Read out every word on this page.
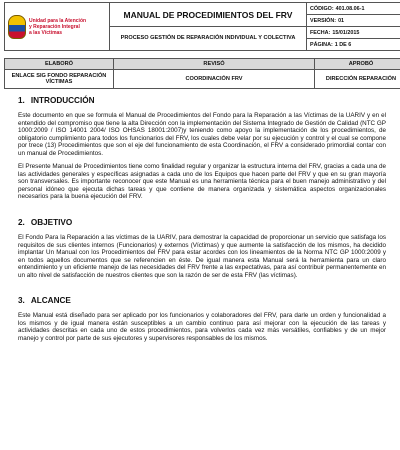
Unidad para la Atención
y Reparación Integral
a las Víctimas	MANUAL DE PROCEDIMIENTOS DEL FRV	CÓDIGO: 401.08.06-1
		VERSIÓN: 01
	PROCESO GESTIÓN DE REPARACIÓN INDIVIDUAL Y COLECTIVA	FECHA: 15/01/2015
		PÁGINA: 1 DE 6
ELABORÓ	REVISÓ	APROBÓ
ENLACE SIG FONDO REPARACIÓN VÍCTIMAS	COORDINACIÓN FRV	DIRECCIÓN REPARACIÓN
1. INTRODUCCIÓN

Este documento en que se formula el Manual de Procedimientos del Fondo para la Reparación a las Víctimas de la UARIV y en el entendido del compromiso que tiene la alta Dirección con la implementación del Sistema Integrado de Gestión de Calidad (NTC GP 1000:2009 / ISO 14001 2004/ ISO OHSAS 18001:2007)y teniendo como apoyo la implementación de los procedimientos, de obligatorio cumplimiento para todos los funcionarios del FRV, los cuales debe velar por su ejecución y control y el cual se compone por trece (13) Procedimientos que son el eje del funcionamiento de esta Coordinación, el FRV a considerado primordial contar con un manual de Procedimientos.

El Presente Manual de Procedimientos tiene como finalidad regular y organizar la estructura interna del FRV, gracias a cada una de las actividades generales y específicas asignadas a cada uno de los Equipos que hacen parte del FRV y que en su gran mayoría son transversales. Es importante reconocer que este Manual es una herramienta técnica para el buen manejo administrativo y del personal idóneo que ejecuta dichas tareas y que contiene de manera organizada y sistemática aspectos organizacionales necesarios para la buena ejecución del FRV.

2. OBJETIVO

El Fondo Para la Reparación a las víctimas de la UARIV, para demostrar la capacidad de proporcionar un servicio que satisfaga los requisitos de sus clientes internos (Funcionarios) y externos (Víctimas) y que aumente la satisfacción de los mismos, ha decidido implantar Un Manual con los Procedimientos del FRV para estar acordes con los lineamientos de la Norma NTC GP 1000:2009 y en todos aquellos documentos que se referencien en éste. De igual manera esta Manual será la herramienta para un claro entendimiento y un eficiente manejo de las necesidades del FRV frente a las expectativas, para así contribuir permanentemente en un alto nivel de satisfacción de nuestros clientes que son la razón de ser de esta FRV (las víctimas).

3. ALCANCE

Este Manual está diseñado para ser aplicado por los funcionarios y colaboradores del FRV, para darle un orden y funcionalidad a los mismos y de igual manera están susceptibles a un cambio continuo para así mejorar con la ejecución de las tareas y actividades descritas en cada uno de estos procedimientos, para volverlos cada vez más versátiles, confiables y de un mejor manejo y control por parte de sus ejecutores y supervisores responsables de los mismos.
